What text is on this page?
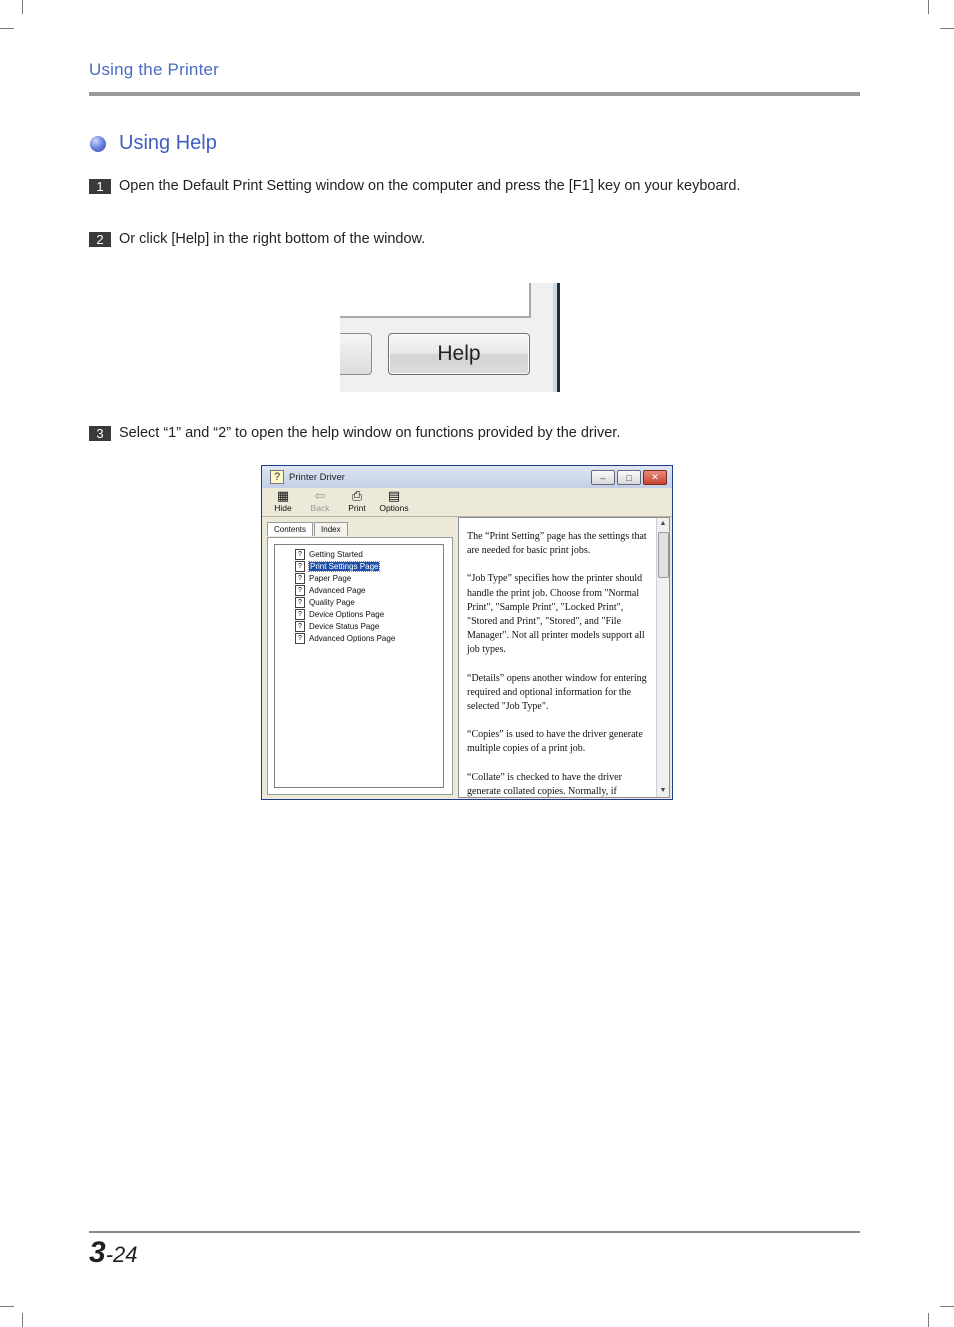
Using the Printer
Using Help
1	Open the Default Print Setting window on the computer and press the [F1] key on your keyboard.
2	Or click [Help] in the right bottom of the window.
Help
3	Select “1” and “2” to open the help window on functions provided by the driver.
? Printer Driver	–	□	✕
▦
Hide
⇦
Back
⎙
Print
▤
Options
Contents	Index
? Getting Started
?	Print Settings Page
? Paper Page
? Advanced Page
? Quality Page
? Device Options Page
? Device Status Page
? Advanced Options Page

The “Print Setting” page has the settings that are needed for basic print jobs.

“Job Type” specifies how the printer should handle the print job. Choose from "Normal Print", "Sample Print", "Locked Print", "Stored and Print", "Stored", and "File Manager". Not all printer models support all job types.

“Details” opens another window for entering required and optional information for the selected "Job Type".

“Copies” is used to have the driver generate multiple copies of a print job.

“Collate” is checked to have the driver generate collated copies. Normally, if

▲
▼
3-24
